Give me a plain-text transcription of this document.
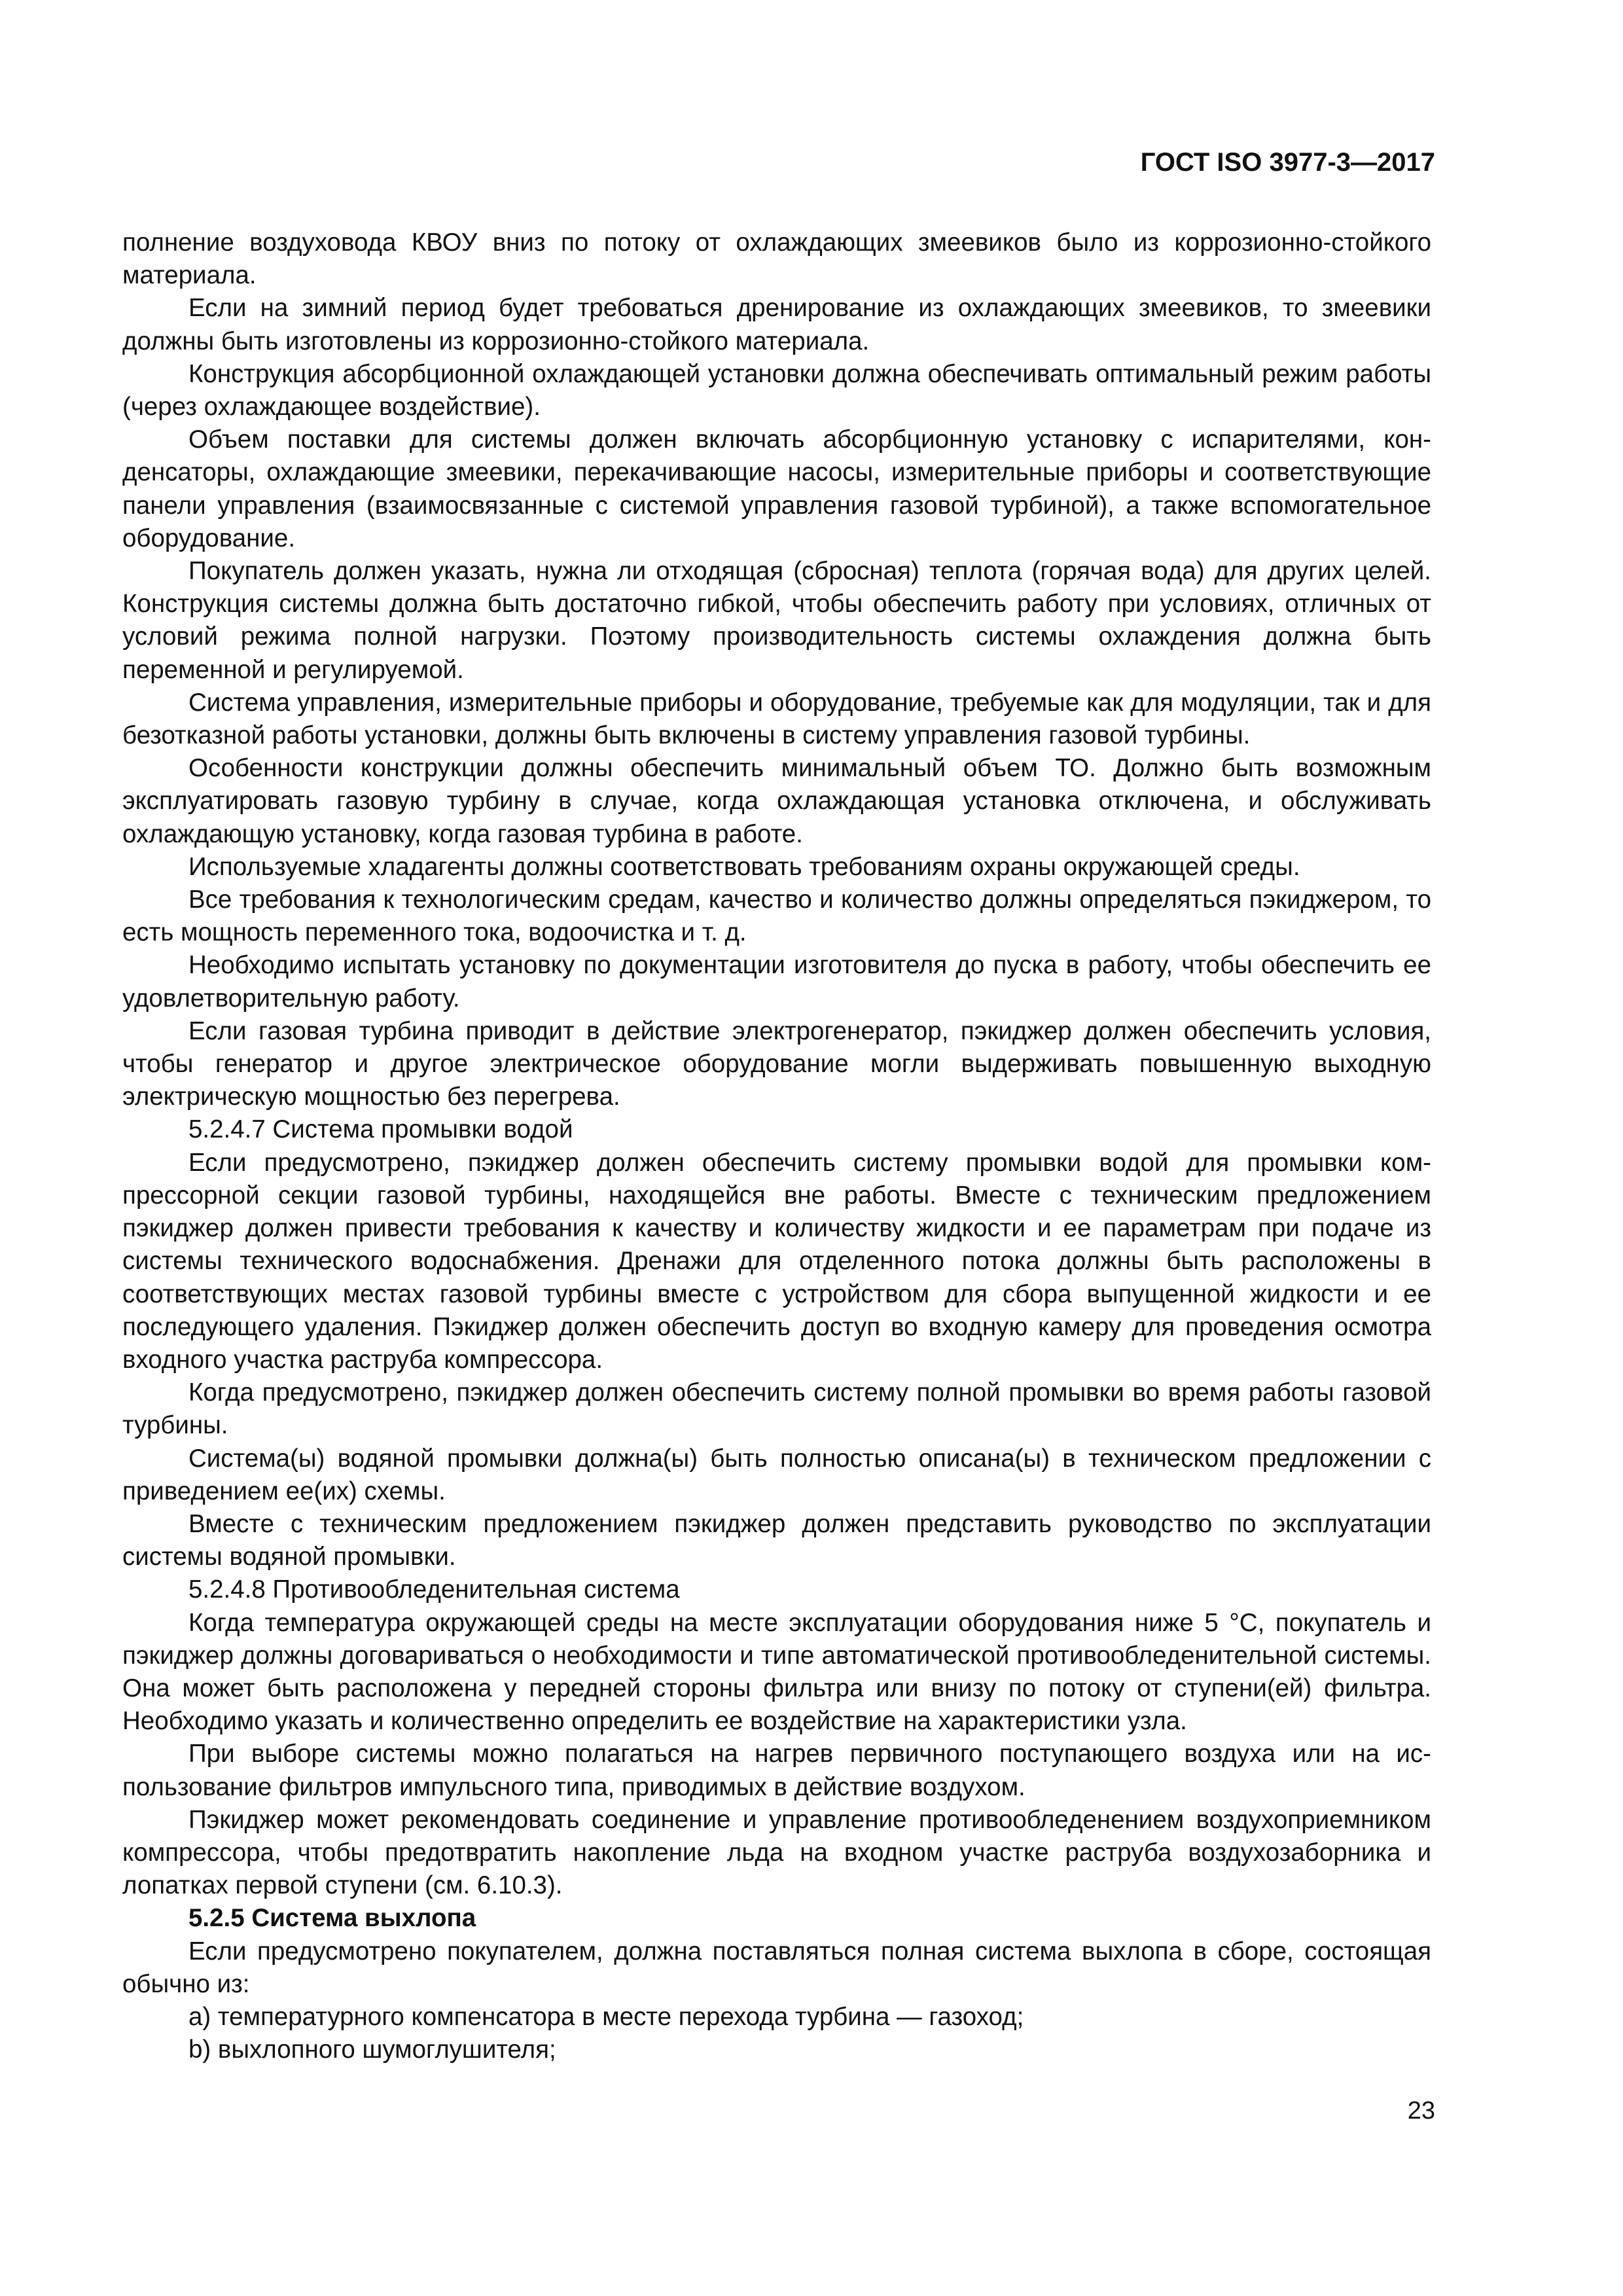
ГОСТ ISO 3977-3—2017

полнение воздуховода КВОУ вниз по потоку от охлаждающих змеевиков было из коррозионно-стойкого материала.

Если на зимний период будет требоваться дренирование из охлаждающих змеевиков, то змеевики должны быть изготовлены из коррозионно-стойкого материала.

Конструкция абсорбционной охлаждающей установки должна обеспечивать оптимальный режим работы (через охлаждающее воздействие).

Объем поставки для системы должен включать абсорбционную установку с испарителями, конденсаторы, охлаждающие змеевики, перекачивающие насосы, измерительные приборы и соответствующие панели управления (взаимосвязанные с системой управления газовой турбиной), а также вспомогательное оборудование.

Покупатель должен указать, нужна ли отходящая (сбросная) теплота (горячая вода) для других целей. Конструкция системы должна быть достаточно гибкой, чтобы обеспечить работу при условиях, отличных от условий режима полной нагрузки. Поэтому производительность системы охлаждения должна быть переменной и регулируемой.

Система управления, измерительные приборы и оборудование, требуемые как для модуляции, так и для безотказной работы установки, должны быть включены в систему управления газовой турбины.

Особенности конструкции должны обеспечить минимальный объем ТО. Должно быть возможным эксплуатировать газовую турбину в случае, когда охлаждающая установка отключена, и обслуживать охлаждающую установку, когда газовая турбина в работе.

Используемые хладагенты должны соответствовать требованиям охраны окружающей среды.

Все требования к технологическим средам, качество и количество должны определяться пэкиджером, то есть мощность переменного тока, водоочистка и т. д.

Необходимо испытать установку по документации изготовителя до пуска в работу, чтобы обеспечить ее удовлетворительную работу.

Если газовая турбина приводит в действие электрогенератор, пэкиджер должен обеспечить условия, чтобы генератор и другое электрическое оборудование могли выдерживать повышенную выходную электрическую мощностью без перегрева.

5.2.4.7 Система промывки водой

Если предусмотрено, пэкиджер должен обеспечить систему промывки водой для промывки компрессорной секции газовой турбины, находящейся вне работы. Вместе с техническим предложением пэкиджер должен привести требования к качеству и количеству жидкости и ее параметрам при подаче из системы технического водоснабжения. Дренажи для отделенного потока должны быть расположены в соответствующих местах газовой турбины вместе с устройством для сбора выпущенной жидкости и ее последующего удаления. Пэкиджер должен обеспечить доступ во входную камеру для проведения осмотра входного участка раструба компрессора.

Когда предусмотрено, пэкиджер должен обеспечить систему полной промывки во время работы газовой турбины.

Система(ы) водяной промывки должна(ы) быть полностью описана(ы) в техническом предложении с приведением ее(их) схемы.

Вместе с техническим предложением пэкиджер должен представить руководство по эксплуатации системы водяной промывки.

5.2.4.8 Противообледенительная система

Когда температура окружающей среды на месте эксплуатации оборудования ниже 5 °С, покупатель и пэкиджер должны договариваться о необходимости и типе автоматической противообледенительной системы. Она может быть расположена у передней стороны фильтра или внизу по потоку от ступени(ей) фильтра. Необходимо указать и количественно определить ее воздействие на характеристики узла.

При выборе системы можно полагаться на нагрев первичного поступающего воздуха или на использование фильтров импульсного типа, приводимых в действие воздухом.

Пэкиджер может рекомендовать соединение и управление противообледенением воздухоприемником компрессора, чтобы предотвратить накопление льда на входном участке раструба воздухозаборника и лопатках первой ступени (см. 6.10.3).

5.2.5 Система выхлопа

Если предусмотрено покупателем, должна поставляться полная система выхлопа в сборе, состоящая обычно из:

a) температурного компенсатора в месте перехода турбина — газоход;

b) выхлопного шумоглушителя;

23
